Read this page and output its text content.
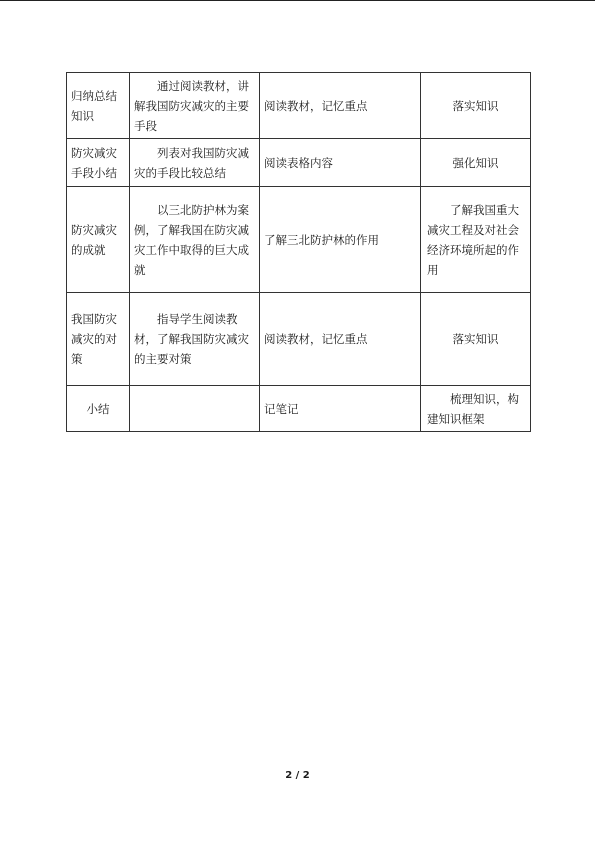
归纳总结知识	通过阅读教材，讲解我国防灾减灾的主要手段	阅读教材，记忆重点	落实知识
防灾减灾手段小结	列表对我国防灾减灾的手段比较总结	阅读表格内容	强化知识
防灾减灾的成就	以三北防护林为案例，了解我国在防灾减灾工作中取得的巨大成就	了解三北防护林的作用	了解我国重大减灾工程及对社会经济环境所起的作用

我国防灾减灾的对策	指导学生阅读教材，了解我国防灾减灾的主要对策	阅读教材，记忆重点	落实知识
小结		记笔记	梳理知识，构建知识框架
2 / 2
